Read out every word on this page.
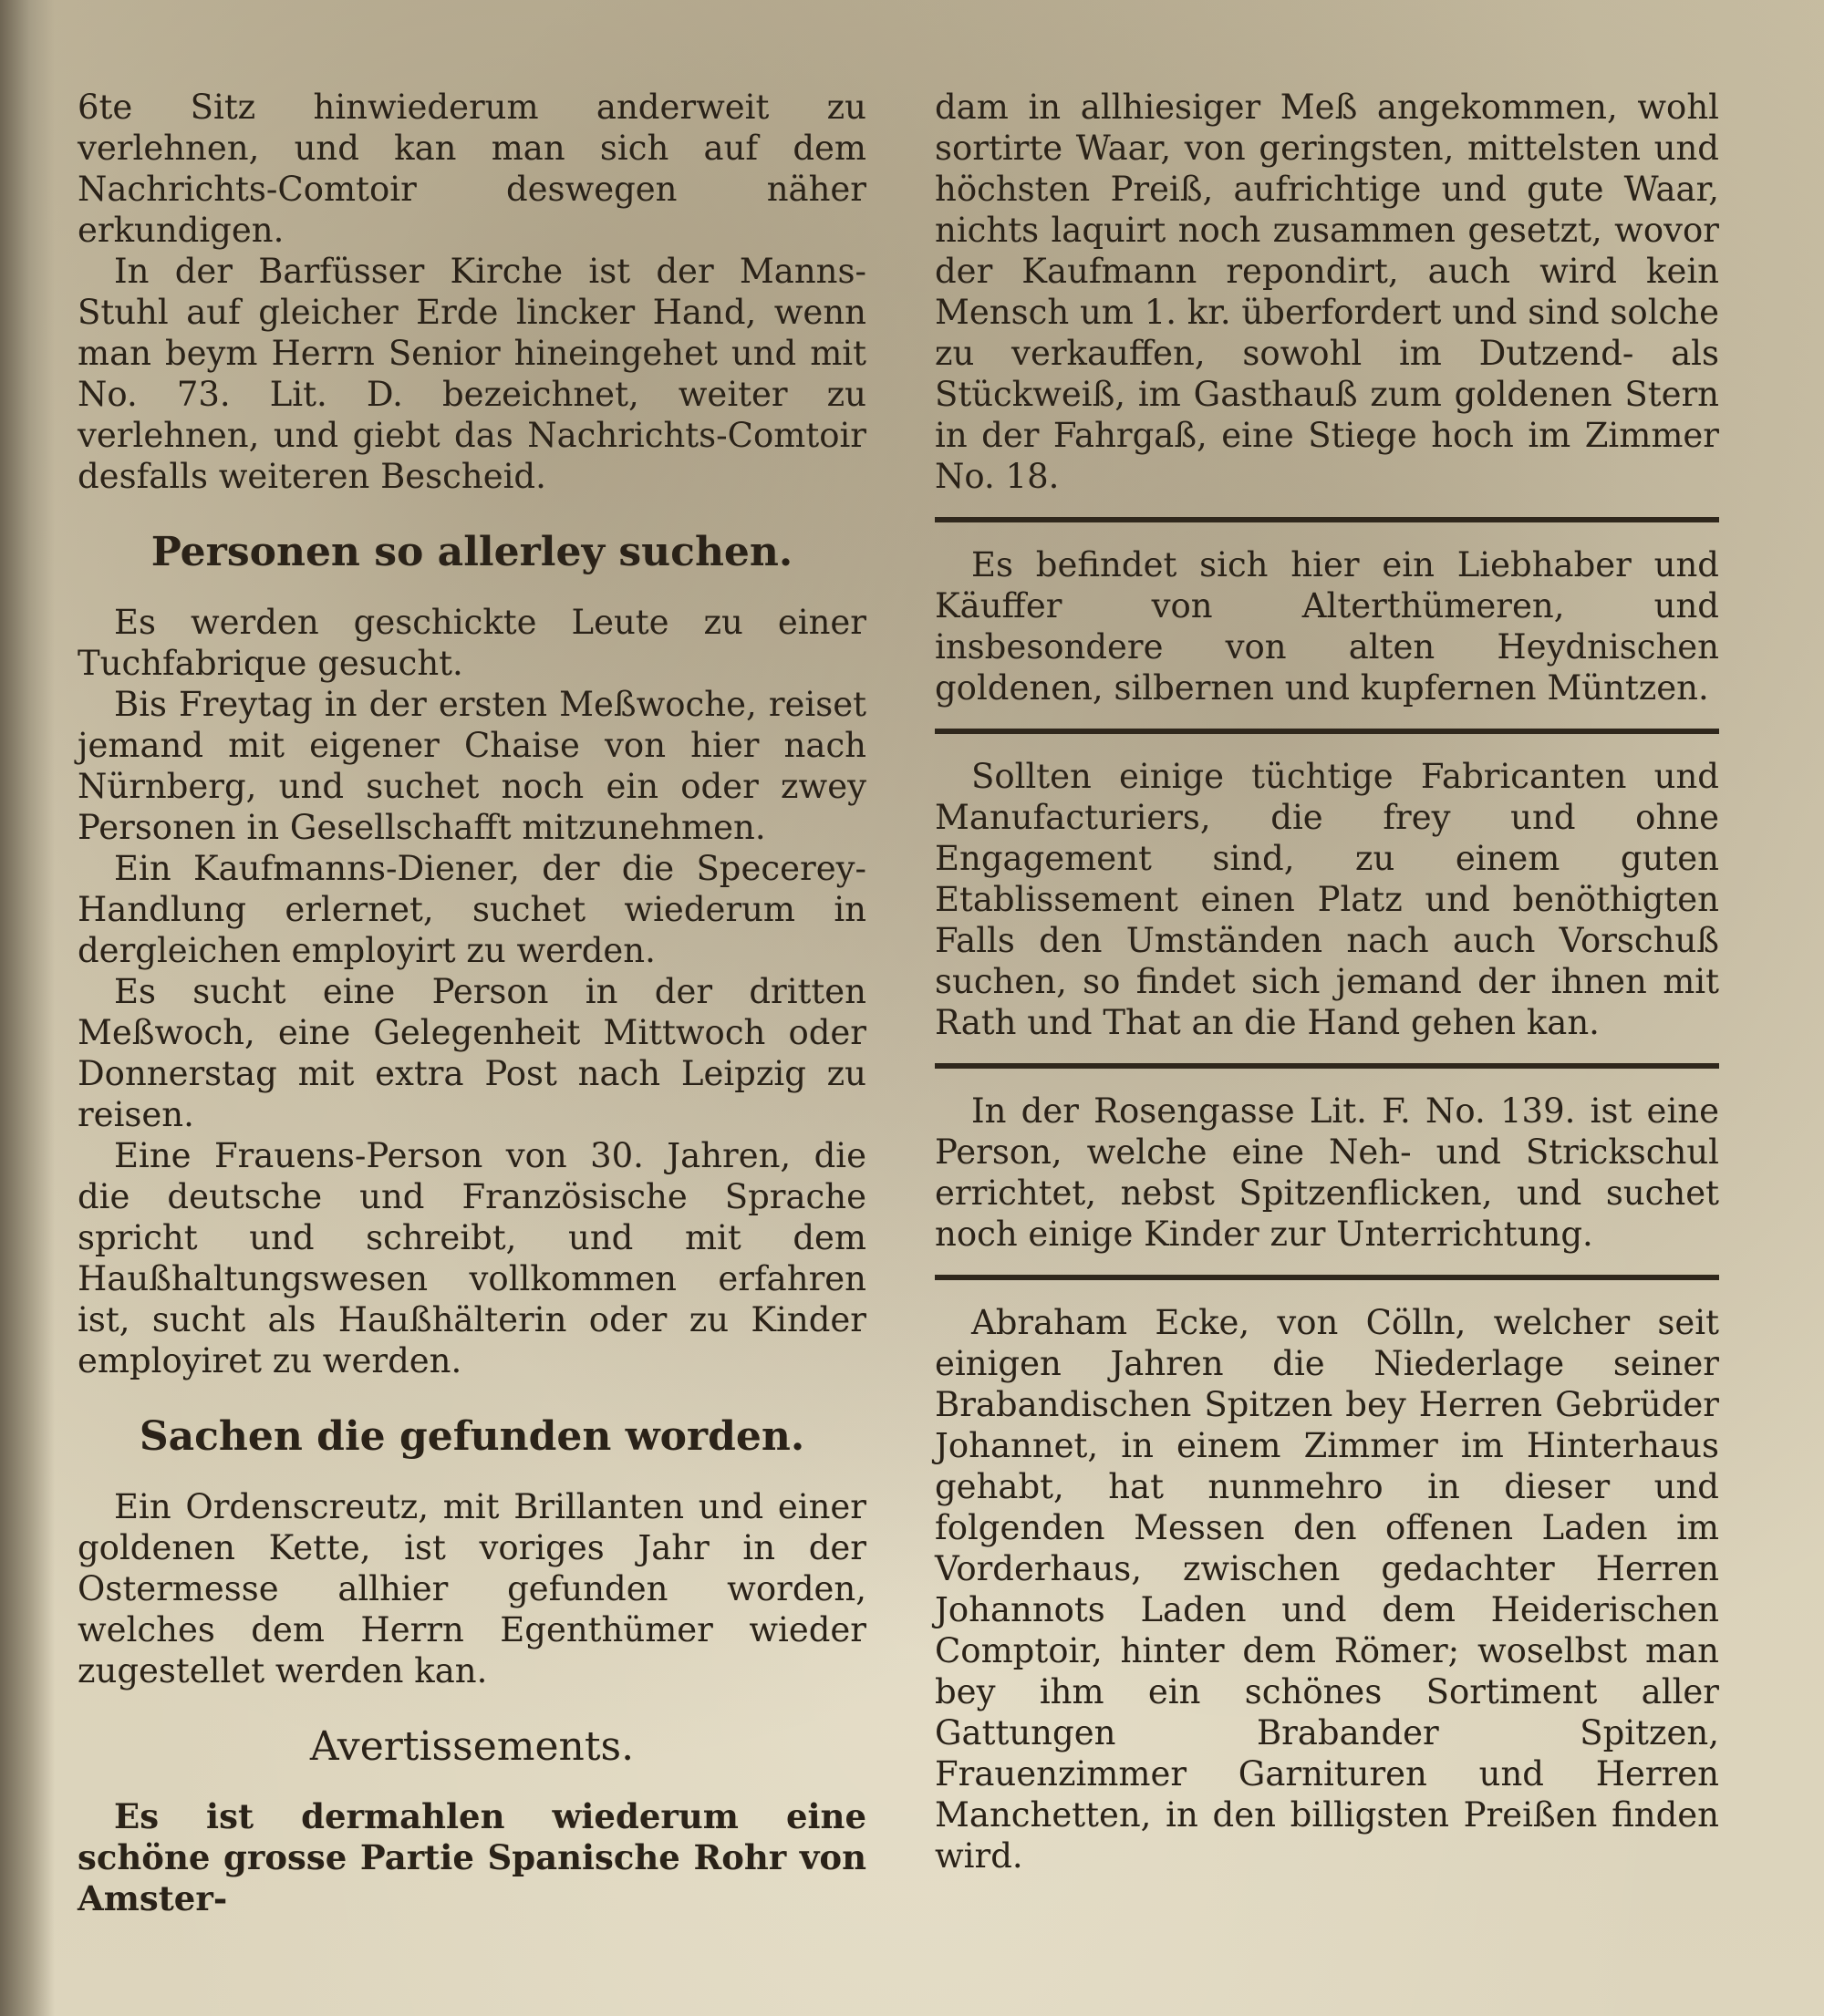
6te Sitz hinwiederum anderweit zu verlehnen, und kan man sich auf dem Nachrichts-Comtoir deswegen näher erkundigen.

In der Barfüsser Kirche ist der Manns-Stuhl auf gleicher Erde lincker Hand, wenn man beym Herrn Senior hineingehet und mit No. 73. Lit. D. bezeichnet, weiter zu verlehnen, und giebt das Nachrichts-Comtoir desfalls weiteren Bescheid.

Personen so allerley suchen.

Es werden geschickte Leute zu einer Tuchfabrique gesucht.

Bis Freytag in der ersten Meßwoche, reiset jemand mit eigener Chaise von hier nach Nürnberg, und suchet noch ein oder zwey Personen in Gesellschafft mitzunehmen.

Ein Kaufmanns-Diener, der die Specerey-Handlung erlernet, suchet wiederum in dergleichen employirt zu werden.

Es sucht eine Person in der dritten Meßwoch, eine Gelegenheit Mittwoch oder Donnerstag mit extra Post nach Leipzig zu reisen.

Eine Frauens-Person von 30. Jahren, die die deutsche und Französische Sprache spricht und schreibt, und mit dem Haußhaltungswesen vollkommen erfahren ist, sucht als Haußhälterin oder zu Kinder employiret zu werden.

Sachen die gefunden worden.

Ein Ordenscreutz, mit Brillanten und einer goldenen Kette, ist voriges Jahr in der Ostermesse allhier gefunden worden, welches dem Herrn Egenthümer wieder zugestellet werden kan.

Avertissements.

Es ist dermahlen wiederum eine schöne grosse Partie Spanische Rohr von Amster-

dam in allhiesiger Meß angekommen, wohl sortirte Waar, von geringsten, mittelsten und höchsten Preiß, aufrichtige und gute Waar, nichts laquirt noch zusammen gesetzt, wovor der Kaufmann repondirt, auch wird kein Mensch um 1. kr. überfordert und sind solche zu verkauffen, sowohl im Dutzend- als Stückweiß, im Gasthauß zum goldenen Stern in der Fahrgaß, eine Stiege hoch im Zimmer No. 18.

Es befindet sich hier ein Liebhaber und Käuffer von Alterthümeren, und insbesondere von alten Heydnischen goldenen, silbernen und kupfernen Müntzen.

Sollten einige tüchtige Fabricanten und Manufacturiers, die frey und ohne Engagement sind, zu einem guten Etablissement einen Platz und benöthigten Falls den Umständen nach auch Vorschuß suchen, so findet sich jemand der ihnen mit Rath und That an die Hand gehen kan.

In der Rosengasse Lit. F. No. 139. ist eine Person, welche eine Neh- und Strickschul errichtet, nebst Spitzenflicken, und suchet noch einige Kinder zur Unterrichtung.

Abraham Ecke, von Cölln, welcher seit einigen Jahren die Niederlage seiner Brabandischen Spitzen bey Herren Gebrüder Johannet, in einem Zimmer im Hinterhaus gehabt, hat nunmehro in dieser und folgenden Messen den offenen Laden im Vorderhaus, zwischen gedachter Herren Johannots Laden und dem Heiderischen Comptoir, hinter dem Römer; woselbst man bey ihm ein schönes Sortiment aller Gattungen Brabander Spitzen, Frauenzimmer Garnituren und Herren Manchetten, in den billigsten Preißen finden wird.
